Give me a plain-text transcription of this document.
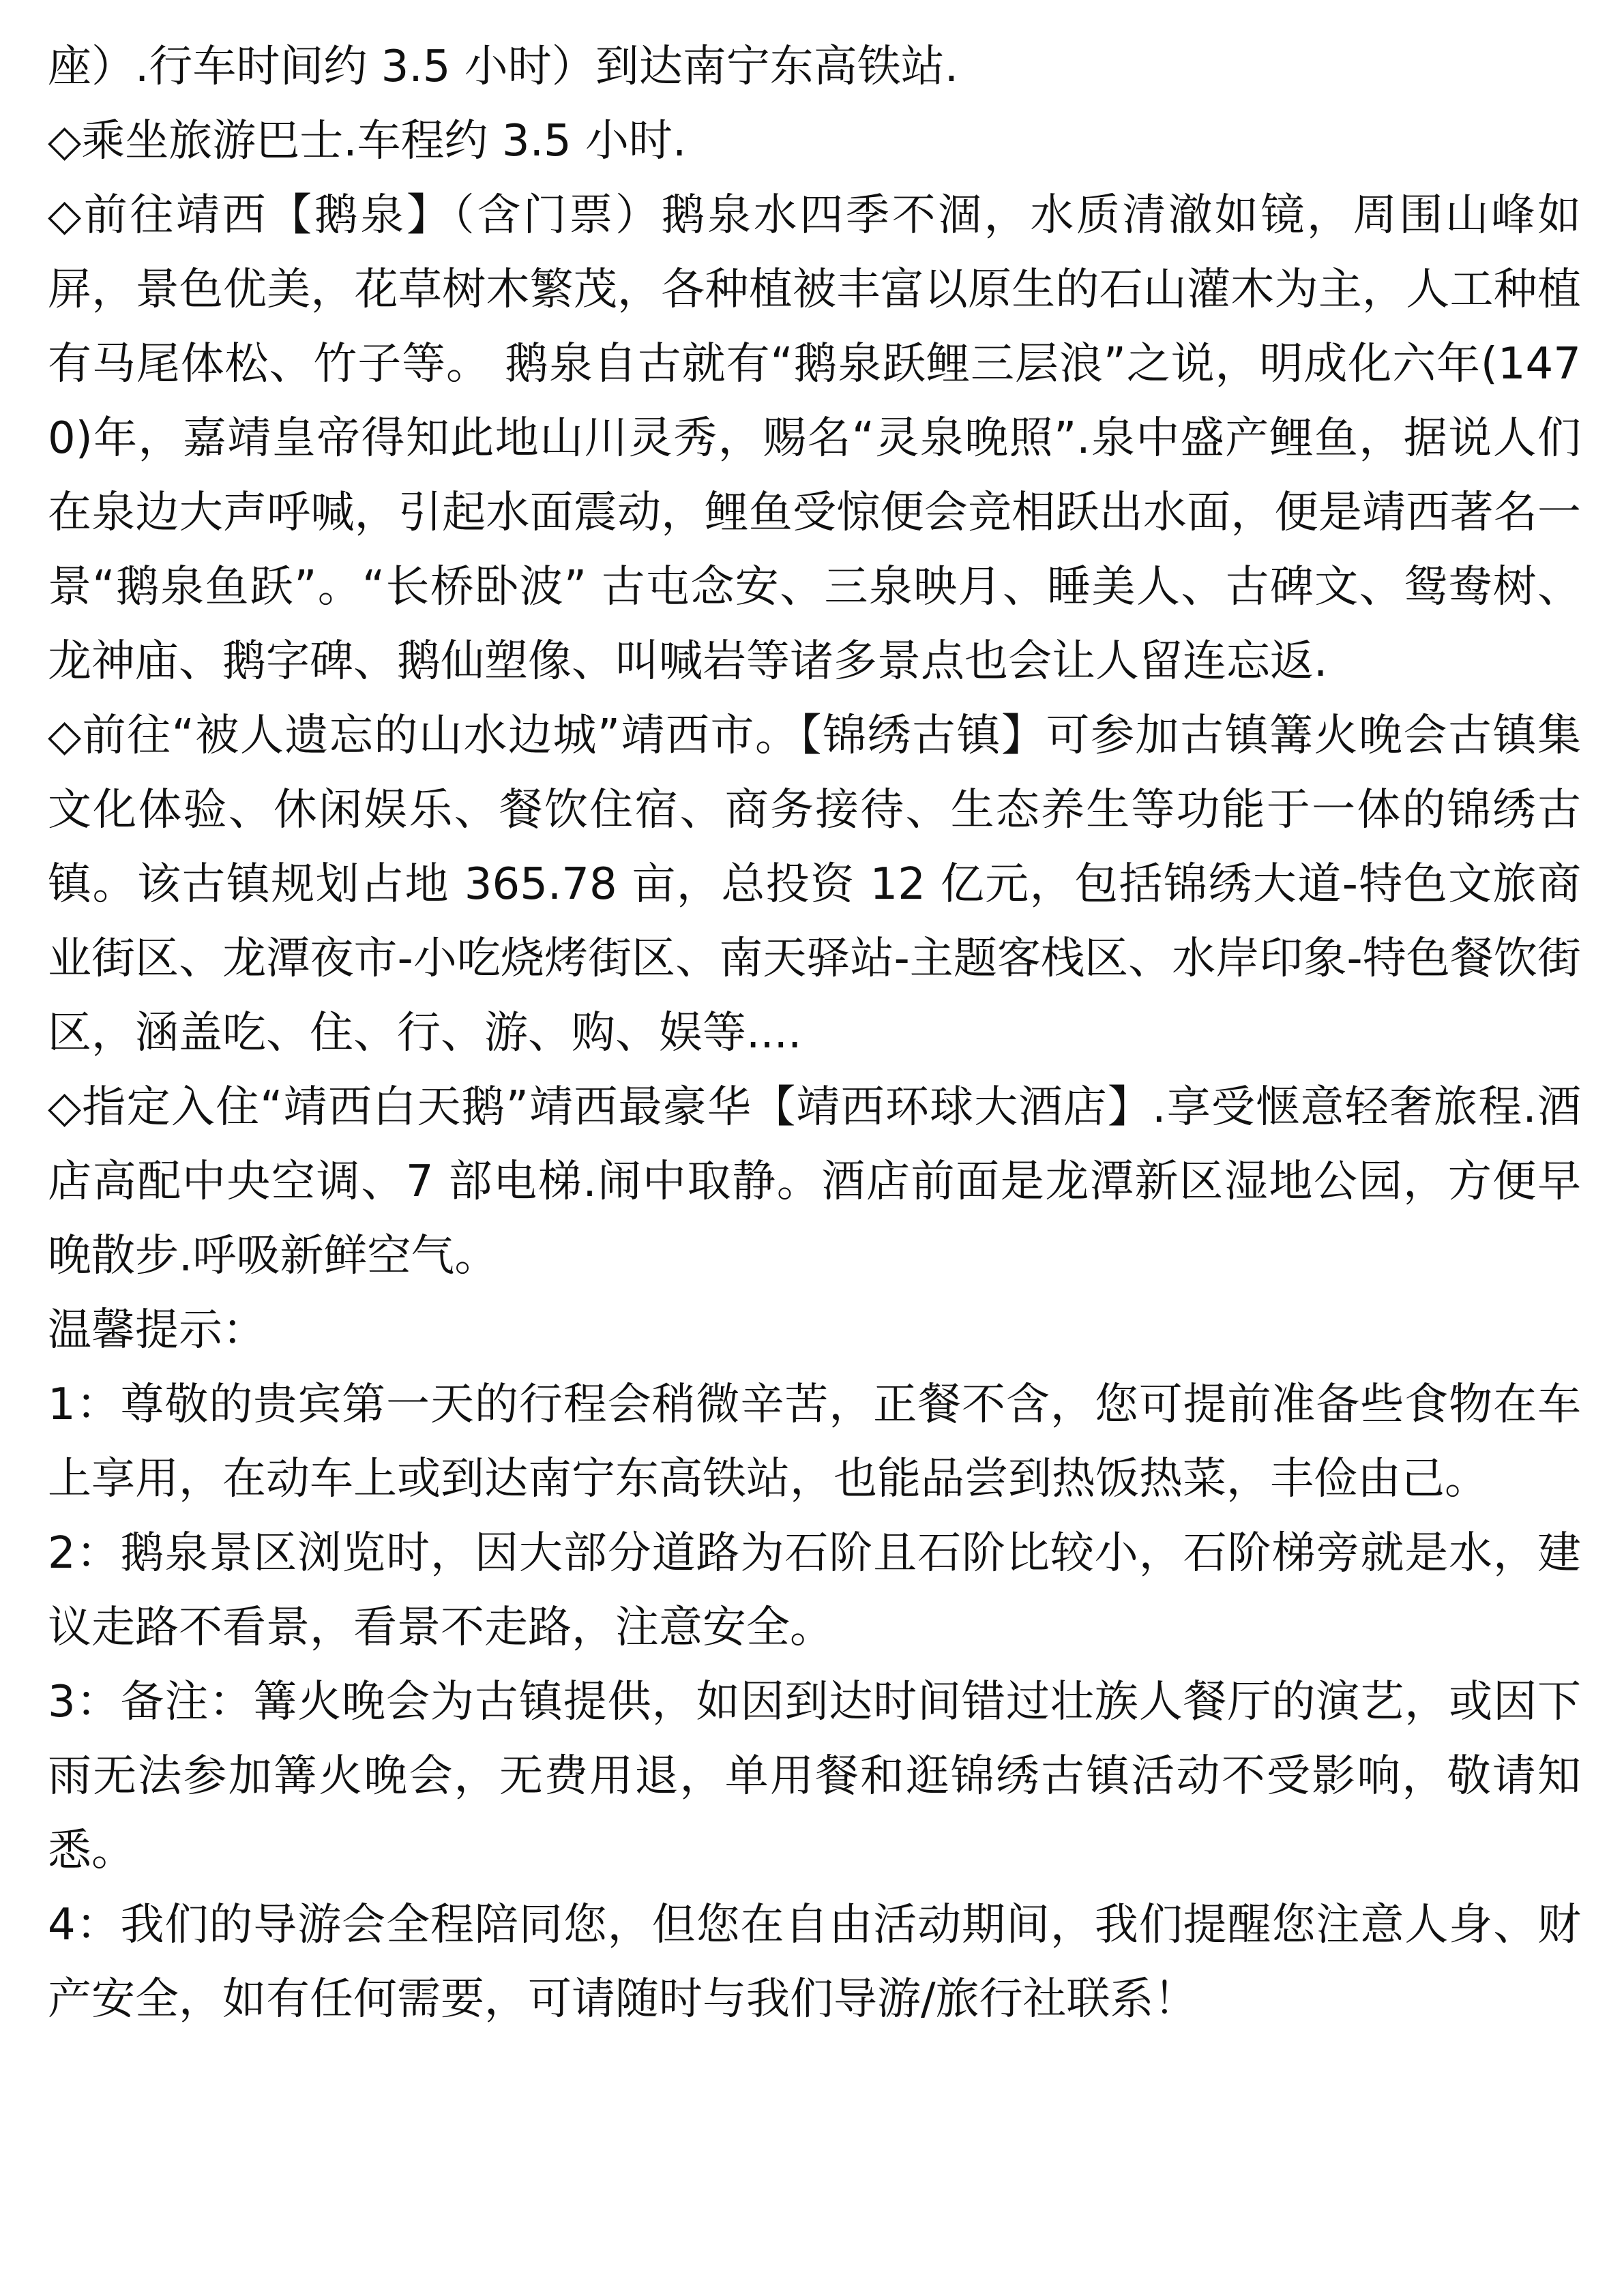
座）.行车时间约 3.5 小时）到达南宁东高铁站.

◇乘坐旅游巴士.车程约 3.5 小时.

◇前往靖西【鹅泉】（含门票）鹅泉水四季不涸，水质清澈如镜，周围山峰如屏，景色优美，花草树木繁茂，各种植被丰富以原生的石山灌木为主，人工种植有马尾体松、竹子等。 鹅泉自古就有“鹅泉跃鲤三层浪”之说，明成化六年(1470)年，嘉靖皇帝得知此地山川灵秀，赐名“灵泉晚照”.泉中盛产鲤鱼，据说人们在泉边大声呼喊，引起水面震动，鲤鱼受惊便会竞相跃出水面，便是靖西著名一景“鹅泉鱼跃”。“长桥卧波” 古屯念安、三泉映月、睡美人、古碑文、鸳鸯树、龙神庙、鹅字碑、鹅仙塑像、叫喊岩等诸多景点也会让人留连忘返.

◇前往“被人遗忘的山水边城”靖西市。【锦绣古镇】可参加古镇篝火晚会古镇集文化体验、休闲娱乐、餐饮住宿、商务接待、生态养生等功能于一体的锦绣古镇。该古镇规划占地 365.78 亩，总投资 12 亿元，包括锦绣大道-特色文旅商业街区、龙潭夜市-小吃烧烤街区、南天驿站-主题客栈区、水岸印象-特色餐饮街区，涵盖吃、住、行、游、购、娱等....

◇指定入住“靖西白天鹅”靖西最豪华【靖西环球大酒店】.享受惬意轻奢旅程.酒店高配中央空调、7 部电梯.闹中取静。酒店前面是龙潭新区湿地公园，方便早晚散步.呼吸新鲜空气。

温馨提示：

1：尊敬的贵宾第一天的行程会稍微辛苦，正餐不含，您可提前准备些食物在车上享用，在动车上或到达南宁东高铁站，也能品尝到热饭热菜，丰俭由己。

2：鹅泉景区浏览时，因大部分道路为石阶且石阶比较小，石阶梯旁就是水，建议走路不看景，看景不走路，注意安全。

3：备注：篝火晚会为古镇提供，如因到达时间错过壮族人餐厅的演艺，或因下雨无法参加篝火晚会，无费用退，单用餐和逛锦绣古镇活动不受影响，敬请知悉。

4：我们的导游会全程陪同您，但您在自由活动期间，我们提醒您注意人身、财产安全，如有任何需要，可请随时与我们导游/旅行社联系！
